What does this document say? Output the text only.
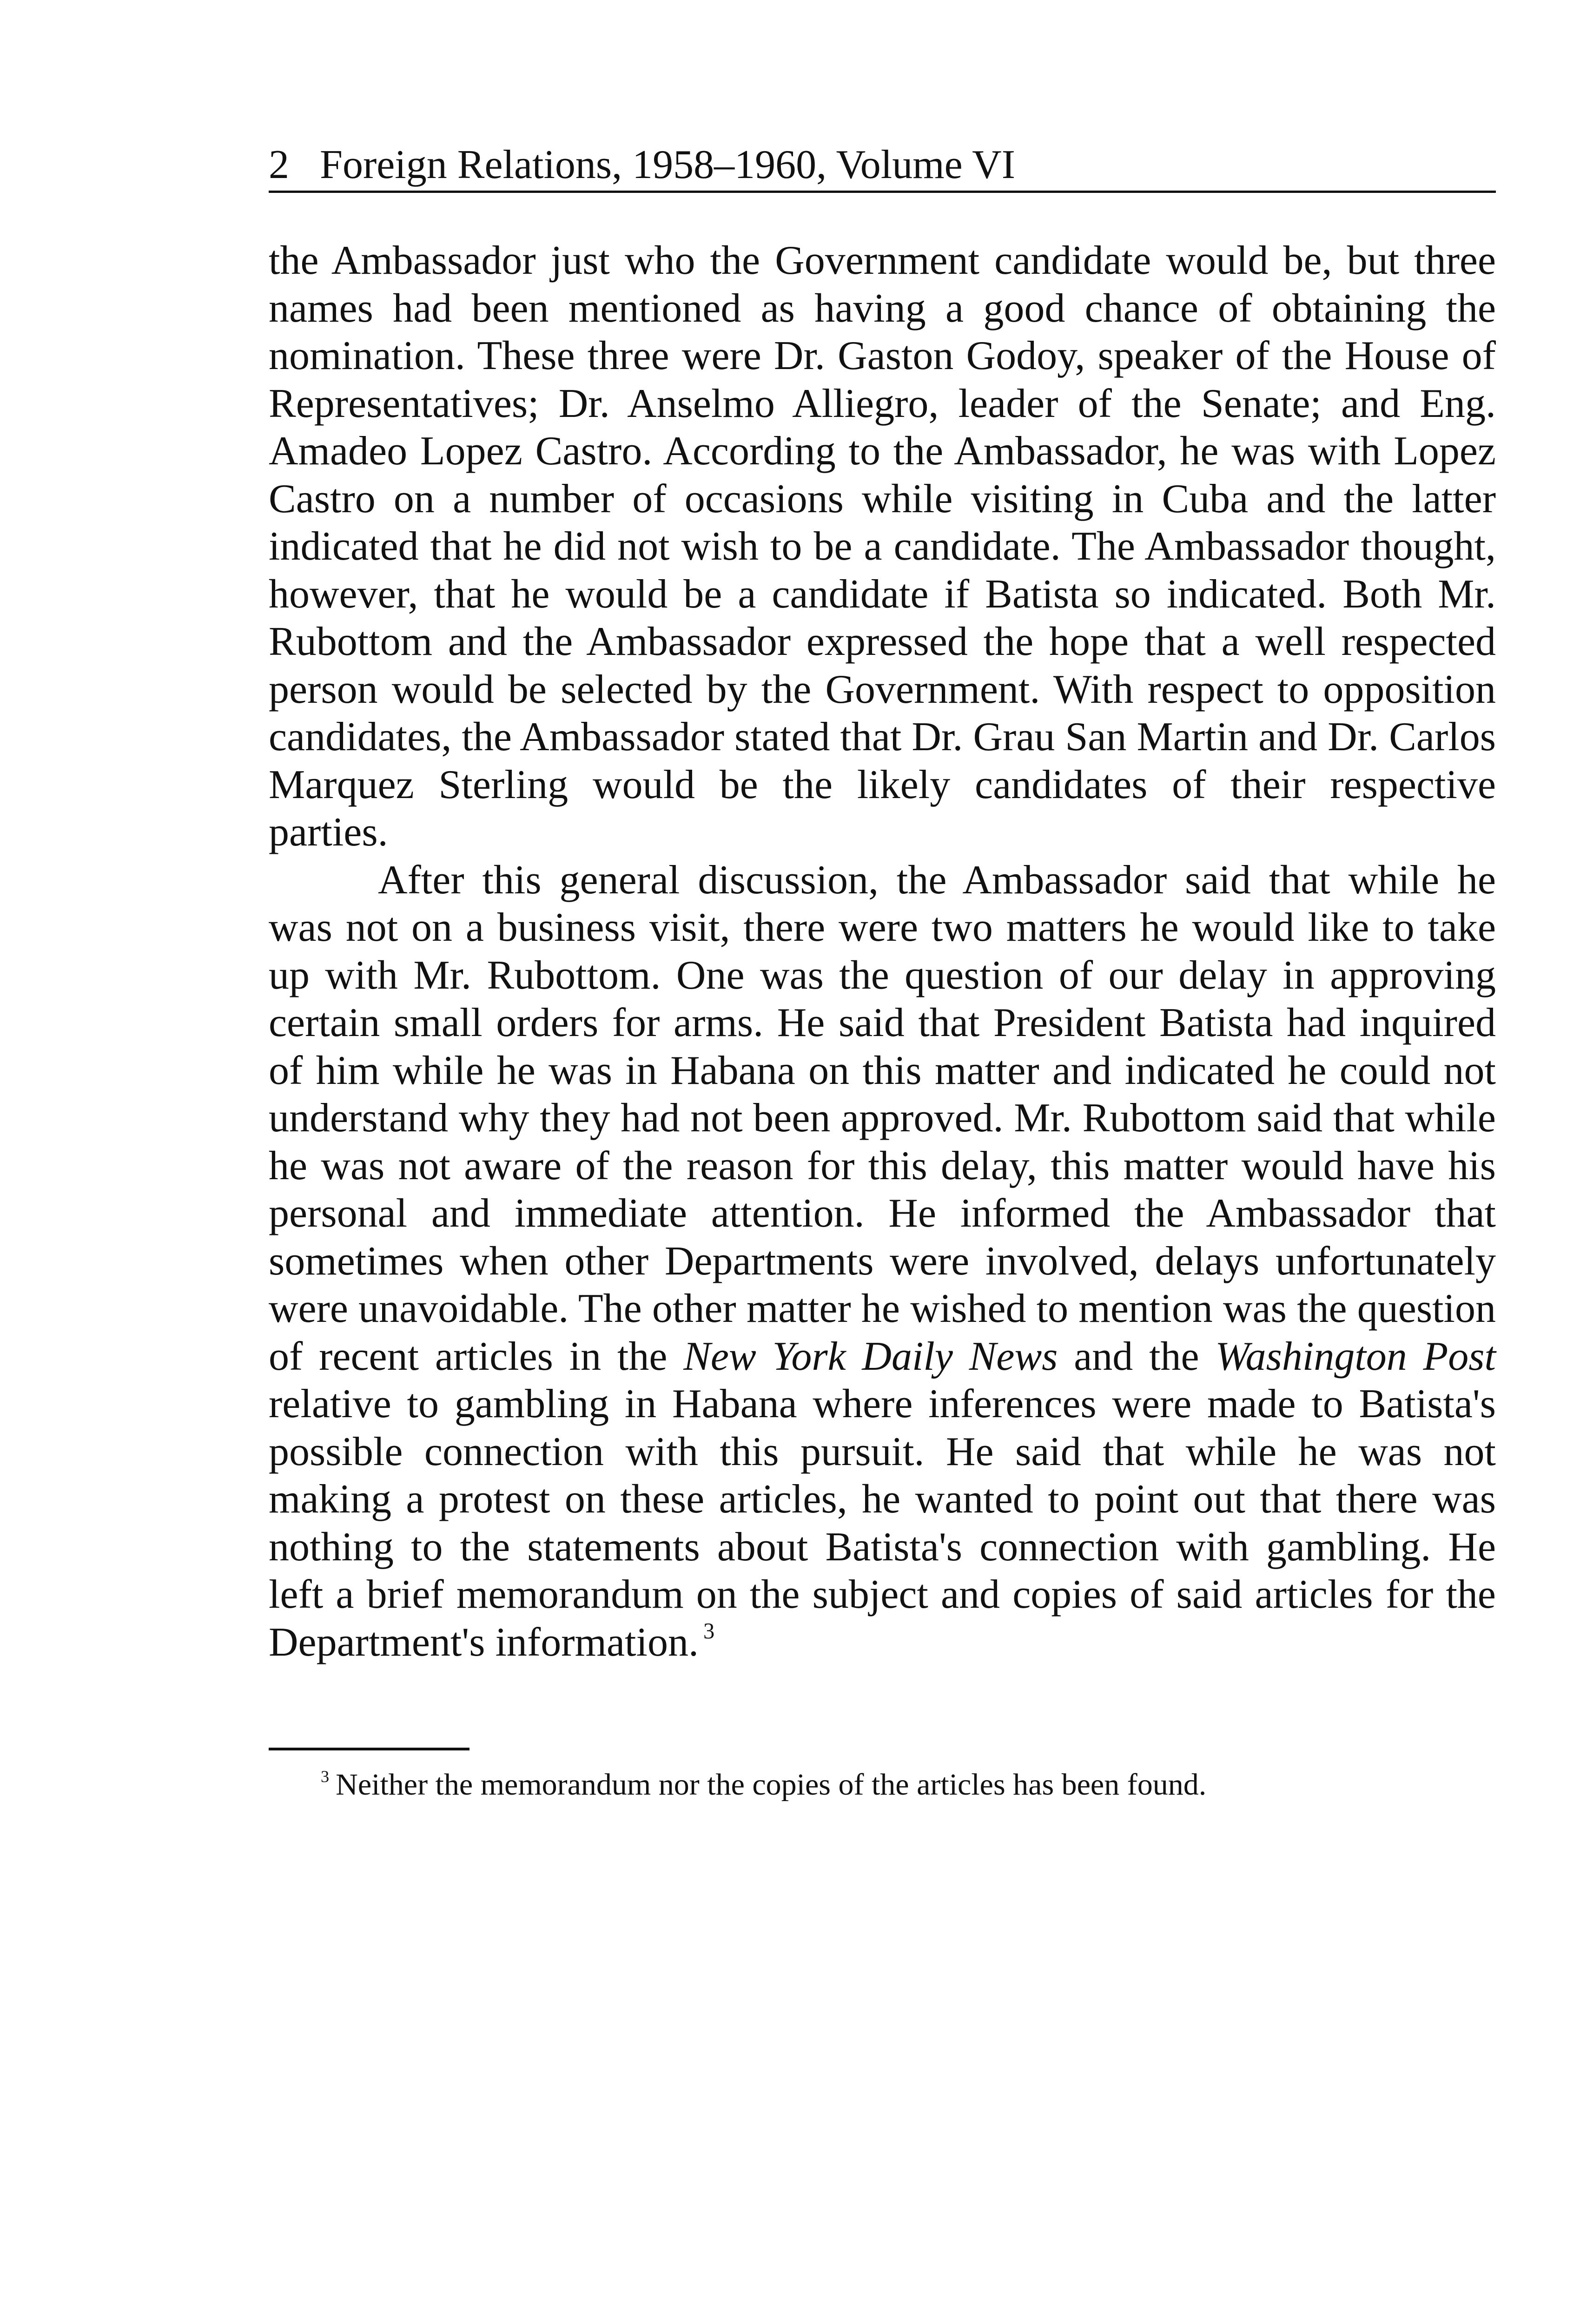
2 Foreign Relations, 1958–1960, Volume VI

the Ambassador just who the Government candidate would be, but three names had been mentioned as having a good chance of obtaining the nomination. These three were Dr. Gaston Godoy, speaker of the House of Representatives; Dr. Anselmo Alliegro, leader of the Senate; and Eng. Amadeo Lopez Castro. According to the Ambassador, he was with Lopez Castro on a number of occasions while visiting in Cuba and the latter indicated that he did not wish to be a candidate. The Ambassador thought, however, that he would be a candidate if Batista so indicated. Both Mr. Rubottom and the Ambassador expressed the hope that a well respected person would be selected by the Government. With respect to opposition candidates, the Ambassador stated that Dr. Grau San Martin and Dr. Carlos Marquez Sterling would be the likely candidates of their respective parties.

After this general discussion, the Ambassador said that while he was not on a business visit, there were two matters he would like to take up with Mr. Rubottom. One was the question of our delay in approving certain small orders for arms. He said that President Batista had inquired of him while he was in Habana on this matter and indicated he could not understand why they had not been approved. Mr. Rubottom said that while he was not aware of the reason for this delay, this matter would have his personal and immediate attention. He informed the Ambassador that sometimes when other Departments were involved, delays unfortunately were unavoidable. The other matter he wished to mention was the question of recent articles in the New York Daily News and the Washington Post relative to gambling in Habana where inferences were made to Batista's possible connection with this pursuit. He said that while he was not making a protest on these articles, he wanted to point out that there was nothing to the statements about Batista's connection with gambling. He left a brief memorandum on the subject and copies of said articles for the Department's information. $^3$

$^3$ Neither the memorandum nor the copies of the articles has been found.
